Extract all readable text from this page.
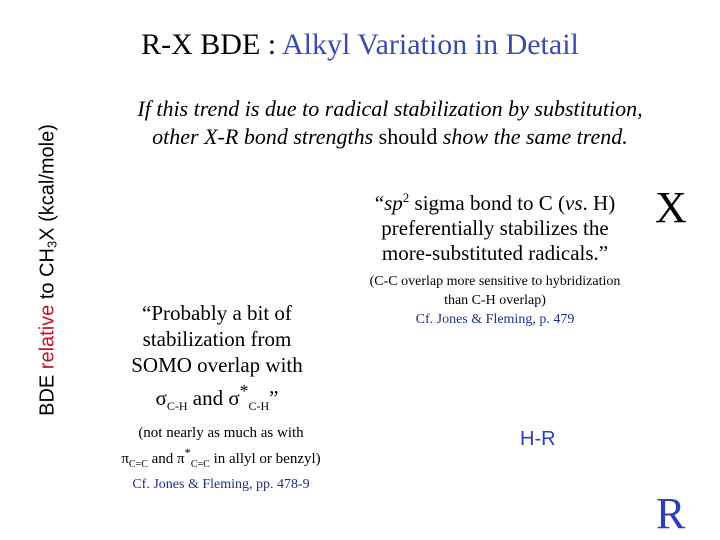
R-X BDE : Alkyl Variation in Detail
BDE relative to $CH_3X$ (kcal/mole)
If this trend is due to radical stabilization by substitution,
other X-R bond strengths should show the same trend.
“$sp^2$ sigma bond to C (vs. H)
preferentially stabilizes the
more-substituted radicals.”
X
(C-C overlap more sensitive to hybridization
than C-H overlap)
Cf. Jones & Fleming, p. 479
“Probably a bit of
stabilization from
SOMO overlap with
$\sigma_{C-H}$ and $\sigma^*_{C-H}$”
(not nearly as much as with
$\pi_{C=C}$ and $\pi^*_{C=C}$ in allyl or benzyl)
Cf. Jones & Fleming, pp. 478-9
H-R
R
